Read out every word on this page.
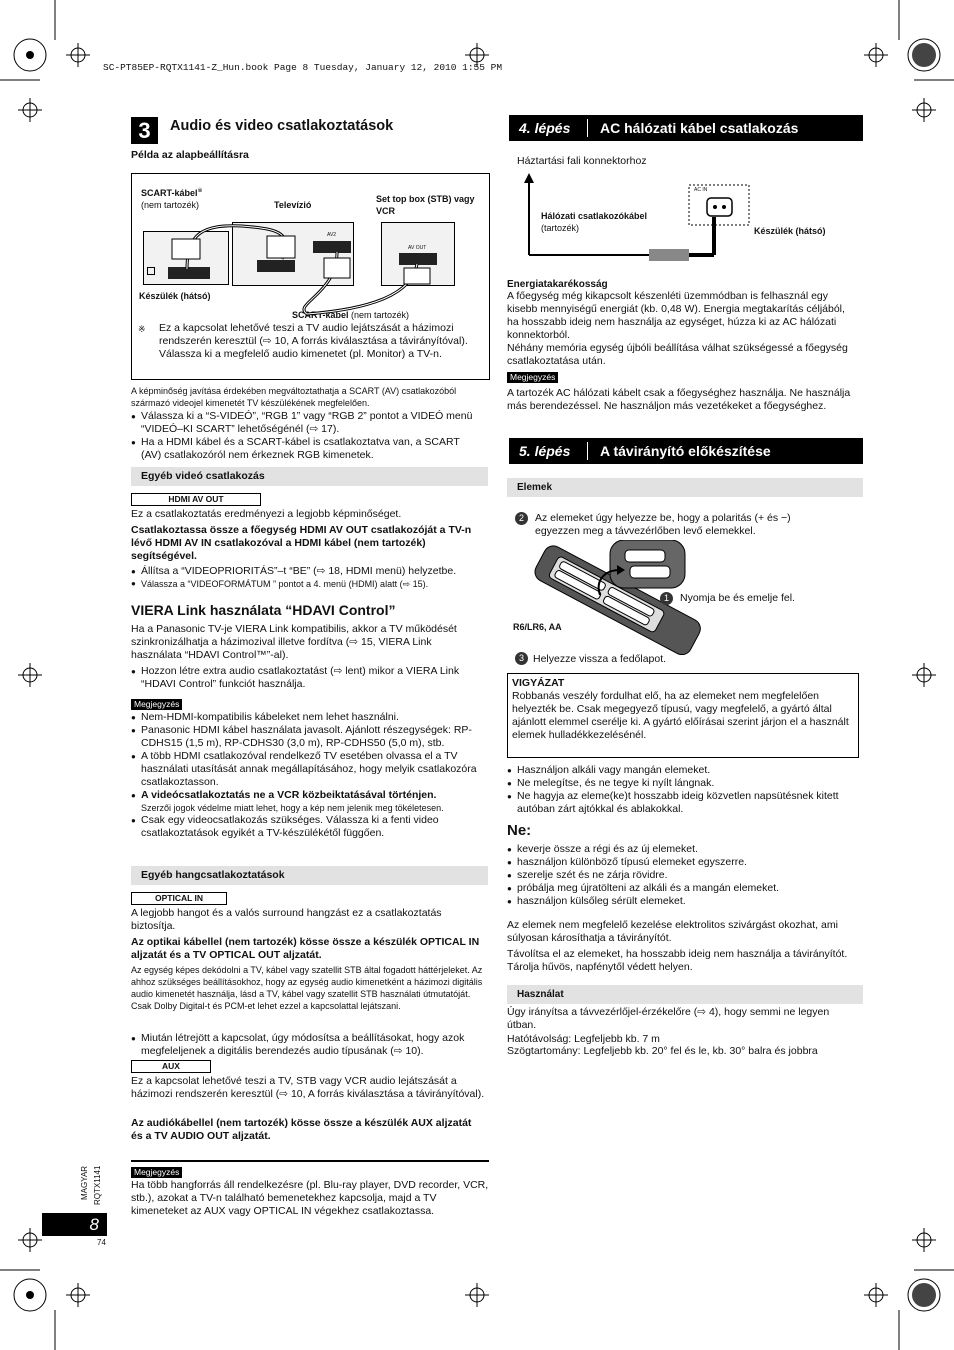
SC-PT85EP-RQTX1141-Z_Hun.book Page 8 Tuesday, January 12, 2010 1:55 PM
3	Audio és video csatlakoztatások
Példa az alapbeállításra
SCART-kábel※
(nem tartozék)	Televízió
Set top box (STB) vagy VCR
Készülék (hátsó)
SCART-kábel (nem tartozék)
AV2
AV OUT
※ Ez a kapcsolat lehetővé teszi a TV audio lejátszását a házimozi rendszerén keresztül (⇨ 10, A forrás kiválasztása a távirányítóval). Válassza ki a megfelelő audio kimenetet (pl. Monitor) a TV-n.
A képminőség javítása érdekében megváltoztathatja a SCART (AV) csatlakozóból származó videojel kimenetét TV készülékének megfelelően.

● Válassza ki a “S-VIDEÓ”, “RGB 1” vagy “RGB 2” pontot a VIDEÓ menü “VIDEÓ–KI SCART” lehetőségénél (⇨ 17).

● Ha a HDMI kábel és a SCART-kábel is csatlakoztatva van, a SCART (AV) csatlakozóról nem érkeznek RGB kimenetek.

Egyéb videó csatlakozás
HDMI AV OUT
Ez a csatlakoztatás eredményezi a legjobb képminőséget.
Csatlakoztassa össze a főegység HDMI AV OUT csatlakozóját a TV-n lévő HDMI AV IN csatlakozóval a HDMI kábel (nem tartozék) segítségével.

● Állítsa a “VIDEOPRIORITÁS”–t “BE” (⇨ 18, HDMI menü) helyzetbe.

● Válassza a “VIDEOFORMÁTUM ” pontot a 4. menü (HDMI) alatt (⇨ 15).

VIERA Link használata “HDAVI Control”
Ha a Panasonic TV-je VIERA Link kompatibilis, akkor a TV működését szinkronizálhatja a házimozival illetve fordítva (⇨ 15, VIERA Link használata “HDAVI Control™”-al).

● Hozzon létre extra audio csatlakoztatást (⇨ lent) mikor a VIERA Link “HDAVI Control” funkciót használja.

Megjegyzés

● Nem-HDMI-kompatibilis kábeleket nem lehet használni.

● Panasonic HDMI kábel használata javasolt. Ajánlott részegységek: RP-CDHS15 (1,5 m), RP-CDHS30 (3,0 m), RP-CDHS50 (5,0 m), stb.

● A több HDMI csatlakozóval rendelkező TV esetében olvassa el a TV használati utasítását annak megállapításához, hogy melyik csatlakozóra csatlakoztasson.

● A videócsatlakoztatás ne a VCR közbeiktatásával történjen.

Szerzői jogok védelme miatt lehet, hogy a kép nem jelenik meg tökéletesen.

● Csak egy videocsatlakozás szükséges. Válassza ki a fenti video csatlakoztatások egyikét a TV-készülékétől függően.

Egyéb hangcsatlakoztatások
OPTICAL IN
A legjobb hangot és a valós surround hangzást ez a csatlakoztatás biztosítja.
Az optikai kábellel (nem tartozék) kösse össze a készülék OPTICAL IN aljzatát és a TV OPTICAL OUT aljzatát.
Az egység képes dekódolni a TV, kábel vagy szatellit STB által fogadott háttérjeleket. Az ahhoz szükséges beállításokhoz, hogy az egység audio kimenetként a házimozi digitális audio kimenetét használja, lásd a TV, kábel vagy szatellit STB használati útmutatóját. Csak Dolby Digital-t és PCM-et lehet ezzel a kapcsolattal lejátszani.

● Miután létrejött a kapcsolat, úgy módosítsa a beállításokat, hogy azok megfeleljenek a digitális berendezés audio típusának (⇨ 10).

AUX
Ez a kapcsolat lehetővé teszi a TV, STB vagy VCR audio lejátszását a házimozi rendszerén keresztül (⇨ 10, A forrás kiválasztása a távirányítóval).
Az audiókábellel (nem tartozék) kösse össze a készülék AUX aljzatát és a TV AUDIO OUT aljzatát.
Megjegyzés
Ha több hangforrás áll rendelkezésre (pl. Blu-ray player, DVD recorder, VCR, stb.), azokat a TV-n található bemenetekhez kapcsolja, majd a TV kimeneteket az AUX vagy OPTICAL IN végekhez csatlakoztassa.
MAGYAR RQTX1141
8
74
4. lépés AC hálózati kábel csatlakozás
Háztartási fali konnektorhoz
AC IN
Hálózati csatlakozókábel
(tartozék)	Készülék (hátsó)
Energiatakarékosság
A főegység még kikapcsolt készenléti üzemmódban is felhasznál egy kisebb mennyiségű energiát (kb. 0,48 W). Energia megtakarítás céljából, ha hosszabb ideig nem használja az egységet, húzza ki az AC hálózati konnektorból.
Néhány memória egység újbóli beállítása válhat szükségessé a főegység csatlakoztatása után.
Megjegyzés
A tartozék AC hálózati kábelt csak a főegységhez használja. Ne használja más berendezéssel. Ne használjon más vezetékeket a főegységhez.
5. lépés A távirányító előkészítése
Elemek
2	Az elemeket úgy helyezze be, hogy a polaritás (+ és −) egyezzen meg a távvezérlőben levő elemekkel.
1	Nyomja be és emelje fel.
R6/LR6, AA
3 Helyezze vissza a fedőlapot.
VIGYÁZAT
Robbanás veszély fordulhat elő, ha az elemeket nem megfelelően helyezték be. Csak megegyező típusú, vagy megfelelő, a gyártó által ajánlott elemmel cserélje ki. A gyártó előírásai szerint járjon el a használt elemek hulladékkezelésénél.

● Használjon alkáli vagy mangán elemeket.

● Ne melegítse, és ne tegye ki nyílt lángnak.

● Ne hagyja az eleme(ke)t hosszabb ideig közvetlen napsütésnek kitett autóban zárt ajtókkal és ablakokkal.

Ne:

● keverje össze a régi és az új elemeket.

● használjon különböző típusú elemeket egyszerre.

● szerelje szét és ne zárja rövidre.

● próbálja meg újratölteni az alkáli és a mangán elemeket.

● használjon külsőleg sérült elemeket.

Az elemek nem megfelelő kezelése elektrolitos szivárgást okozhat, ami súlyosan károsíthatja a távirányítót.
Távolítsa el az elemeket, ha hosszabb ideig nem használja a távirányítót. Tárolja hűvös, napfénytől védett helyen.
Használat
Úgy irányítsa a távvezérlőjel-érzékelőre (⇨ 4), hogy semmi ne legyen útban.
Hatótávolság: Legfeljebb kb. 7 m
Szögtartomány: Legfeljebb kb. 20° fel és le, kb. 30° balra és jobbra
